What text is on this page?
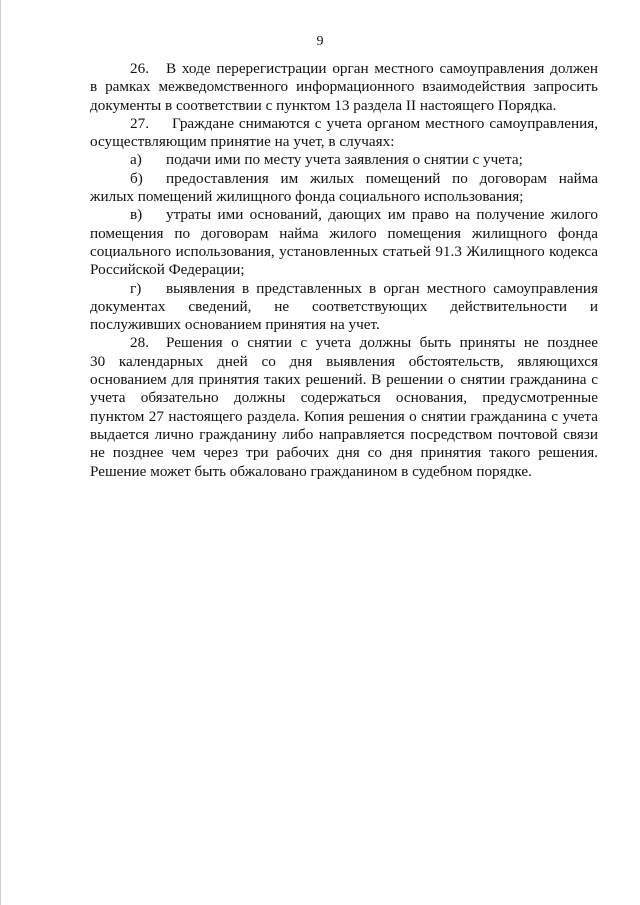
9
26. В ходе перерегистрации орган местного самоуправления должен
в рамках межведомственного информационного взаимодействия запросить
документы в соответствии с пунктом 13 раздела II настоящего Порядка.
27. Граждане снимаются с учета органом местного самоуправления,
осуществляющим принятие на учет, в случаях:
а) подачи ими по месту учета заявления о снятии с учета;
б) предоставления им жилых помещений по договорам найма
жилых помещений жилищного фонда социального использования;
в) утраты ими оснований, дающих им право на получение жилого
помещения по договорам найма жилого помещения жилищного фонда
социального использования, установленных статьей 91.3 Жилищного кодекса
Российской Федерации;
г) выявления в представленных в орган местного самоуправления
документах сведений, не соответствующих действительности и
послуживших основанием принятия на учет.
28. Решения о снятии с учета должны быть приняты не позднее
30 календарных дней со дня выявления обстоятельств, являющихся
основанием для принятия таких решений. В решении о снятии гражданина с
учета обязательно должны содержаться основания, предусмотренные
пунктом 27 настоящего раздела. Копия решения о снятии гражданина с учета
выдается лично гражданину либо направляется посредством почтовой связи
не позднее чем через три рабочих дня со дня принятия такого решения.
Решение может быть обжаловано гражданином в судебном порядке.
